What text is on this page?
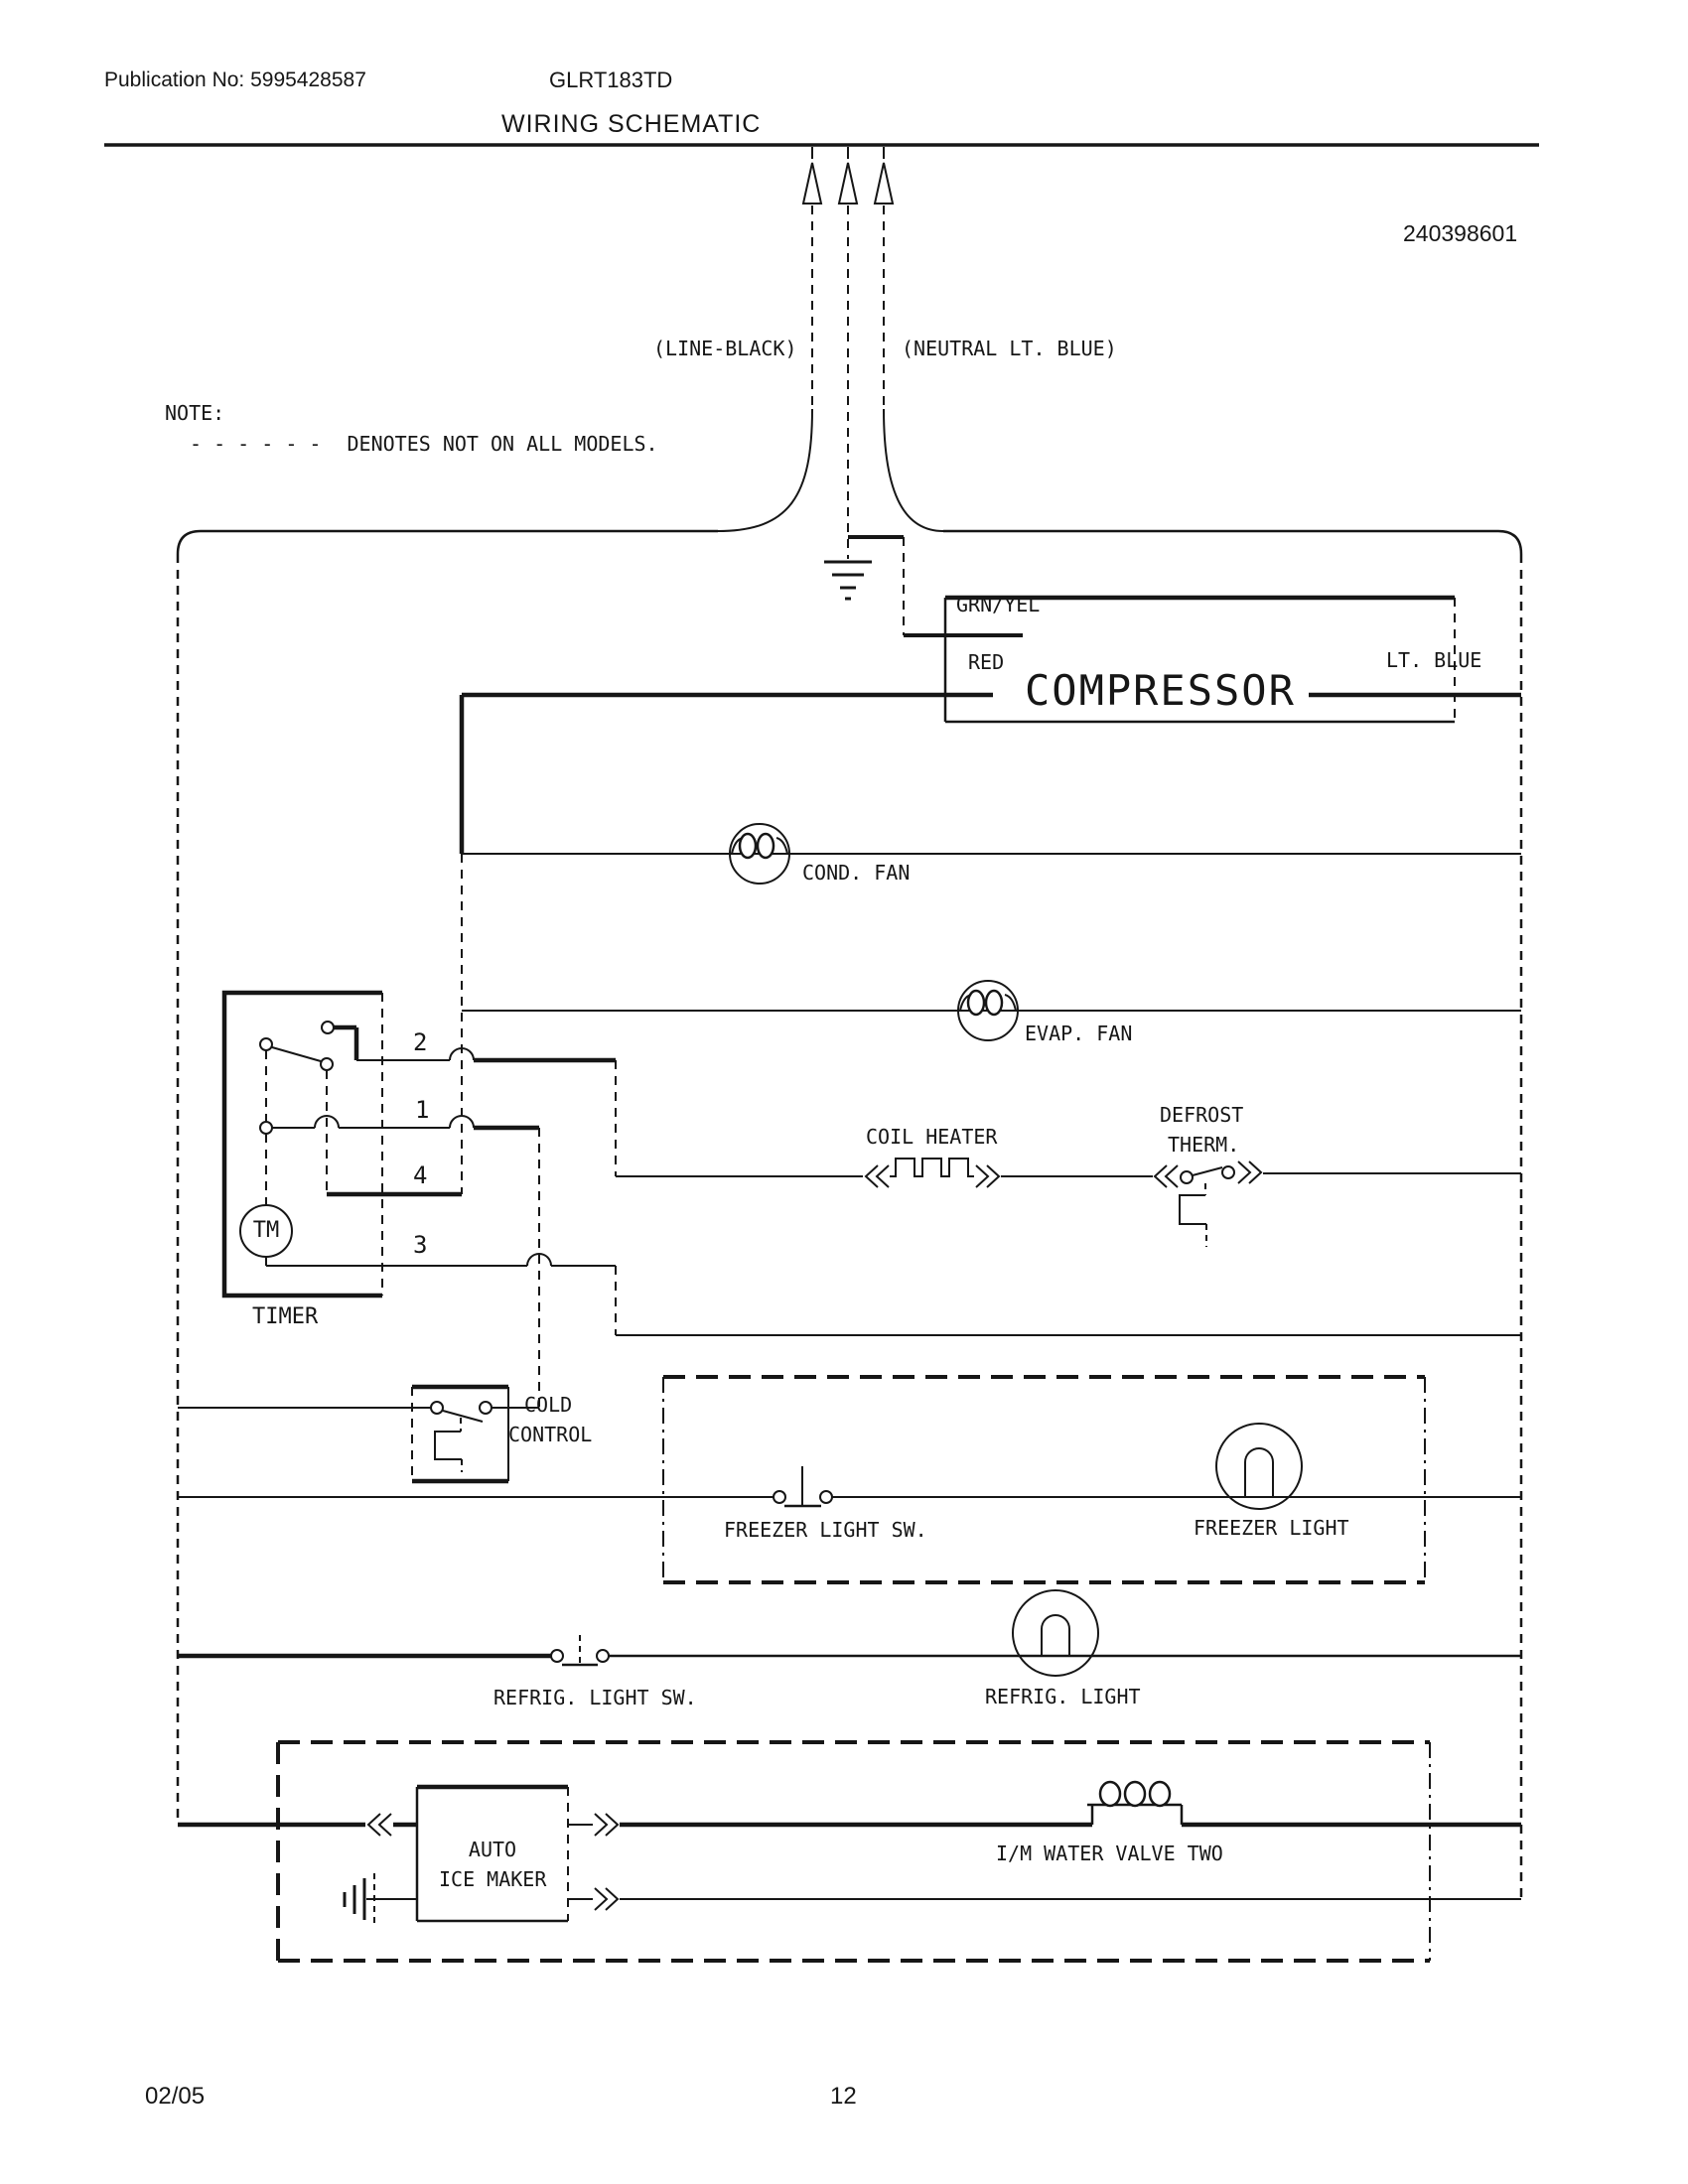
Publication No: 5995428587	GLRT183TD
WIRING SCHEMATIC
240398601
NOTE:
- - - - - - DENOTES NOT ON ALL MODELS.
(LINE-BLACK)	(NEUTRAL LT. BLUE)
GRN/YEL
RED
COMPRESSOR
LT. BLUE
COND. FAN
EVAP. FAN
2
1
4
3
TM
TIMER
COIL HEATER
DEFROST
THERM.
COLD
CONTROL
FREEZER LIGHT SW.	FREEZER LIGHT
REFRIG. LIGHT SW.	REFRIG. LIGHT
AUTO
ICE MAKER
I/M WATER VALVE TWO
02/05	12
